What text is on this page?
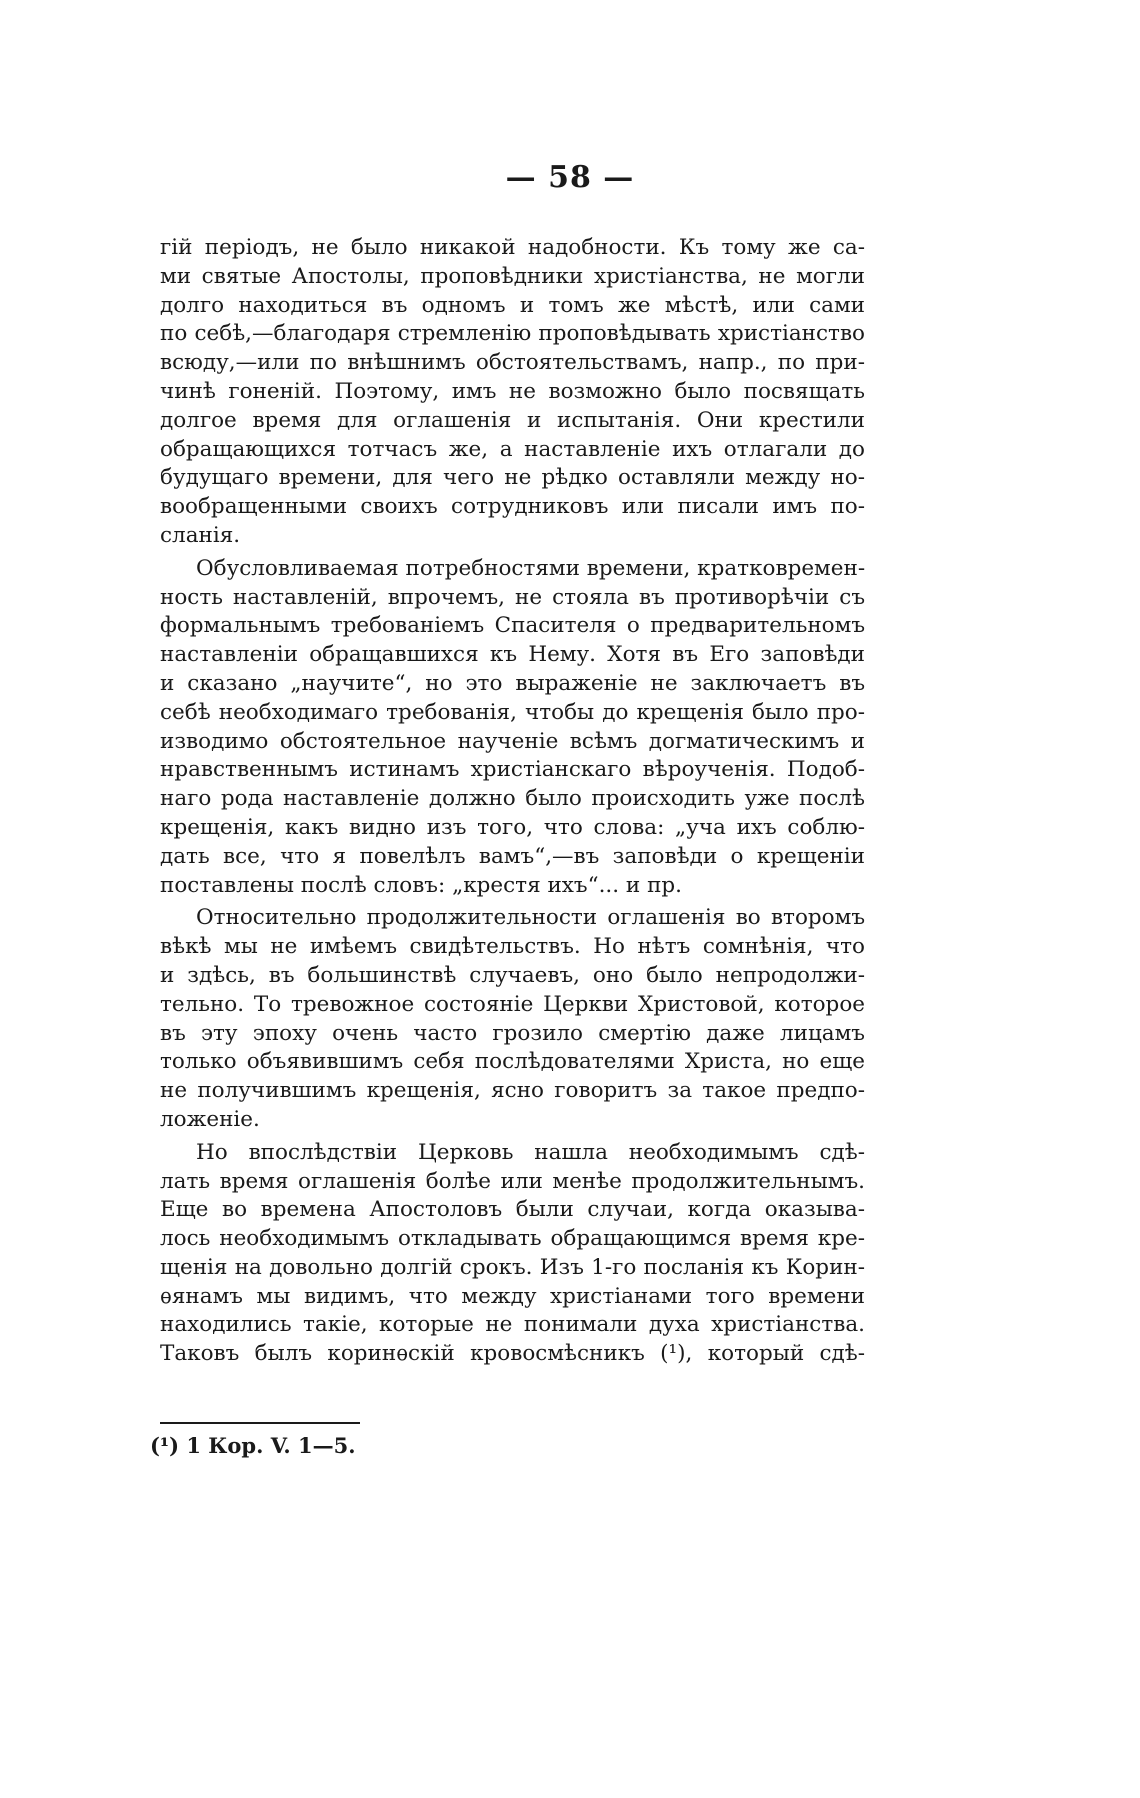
— 58 —
гій періодъ, не было никакой надобности. Къ тому же са-
ми святые Апостолы, проповѣдники христіанства, не могли
долго находиться въ одномъ и томъ же мѣстѣ, или сами
по себѣ,—благодаря стремленію проповѣдывать христіанство
всюду,—или по внѣшнимъ обстоятельствамъ, напр., по при-
чинѣ гоненій. Поэтому, имъ не возможно было посвящать
долгое время для оглашенія и испытанія. Они крестили
обращающихся тотчасъ же, а наставленіе ихъ отлагали до
будущаго времени, для чего не рѣдко оставляли между но-
вообращенными своихъ сотрудниковъ или писали имъ по-
сланія.
Обусловливаемая потребностями времени, кратковремен-
ность наставленій, впрочемъ, не стояла въ противорѣчіи съ
формальнымъ требованіемъ Спасителя о предварительномъ
наставленіи обращавшихся къ Нему. Хотя въ Его заповѣди
и сказано „научите“, но это выраженіе не заключаетъ въ
себѣ необходимаго требованія, чтобы до крещенія было про-
изводимо обстоятельное наученіе всѣмъ догматическимъ и
нравственнымъ истинамъ христіанскаго вѣроученія. Подоб-
наго рода наставленіе должно было происходить уже послѣ
крещенія, какъ видно изъ того, что слова: „уча ихъ соблю-
дать все, что я повелѣлъ вамъ“,—въ заповѣди о крещеніи
поставлены послѣ словъ: „крестя ихъ“... и пр.
Относительно продолжительности оглашенія во второмъ
вѣкѣ мы не имѣемъ свидѣтельствъ. Но нѣтъ сомнѣнія, что
и здѣсь, въ большинствѣ случаевъ, оно было непродолжи-
тельно. То тревожное состояніе Церкви Христовой, которое
въ эту эпоху очень часто грозило смертію даже лицамъ
только объявившимъ себя послѣдователями Христа, но еще
не получившимъ крещенія, ясно говоритъ за такое предпо-
ложеніе.
Но впослѣдствіи Церковь нашла необходимымъ сдѣ-
лать время оглашенія болѣе или менѣе продолжительнымъ.
Еще во времена Апостоловъ были случаи, когда оказыва-
лось необходимымъ откладывать обращающимся время кре-
щенія на довольно долгій срокъ. Изъ 1-го посланія къ Корин-
ѳянамъ мы видимъ, что между христіанами того времени
находились такіе, которые не понимали духа христіанства.
Таковъ былъ коринѳскій кровосмѣсникъ (¹), который сдѣ-
(¹) 1 Кор. V. 1—5.
